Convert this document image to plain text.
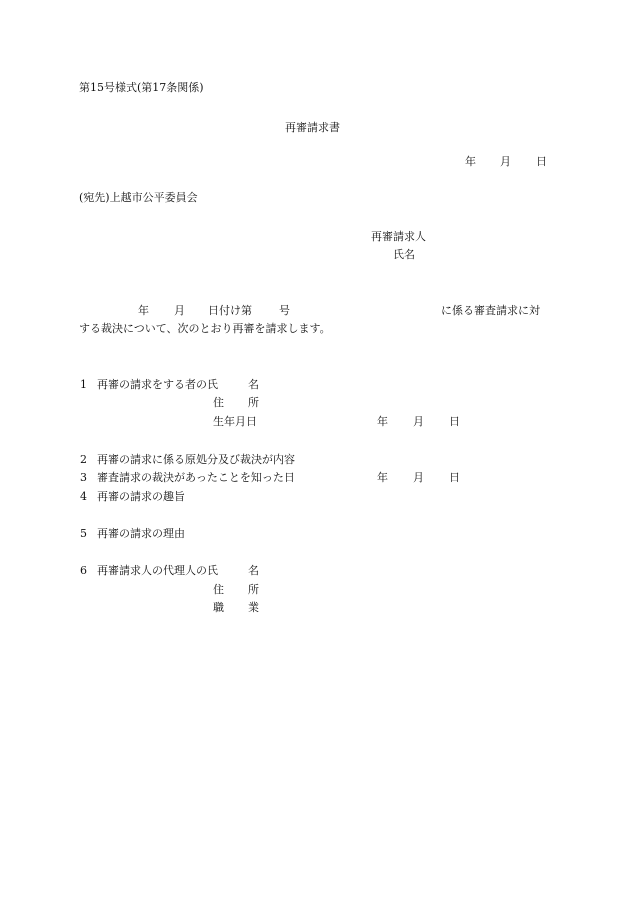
第15号様式(第17条関係)
再審請求書
年 月 日
(宛先)上越市公平委員会
再審請求人
氏名
年 月 日付け第 号	に係る審査請求に対
する裁決について、次のとおり再審を請求します。
1 再審の請求をする者の氏	名
住 所
生年月日	年 月 日
2 再審の請求に係る原処分及び裁決が内容
3 審査請求の裁決があったことを知った日	年 月 日
4 再審の請求の趣旨
5 再審の請求の理由
6 再審請求人の代理人の氏	名
住 所
職 業
